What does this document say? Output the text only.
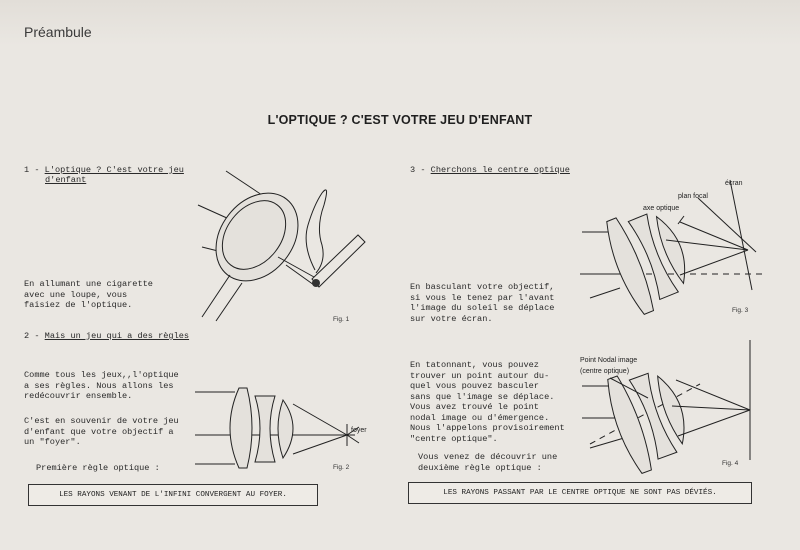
Préambule
L'OPTIQUE ? C'EST VOTRE JEU D'ENFANT
1 - L'optique ? C'est votre jeu
d'enfant
En allumant une cigarette
avec une loupe, vous
faisiez de l'optique.
Fig. 1
2 - Mais un jeu qui a des règles
Comme tous les jeux,,l'optique
a ses règles. Nous allons les
redécouvrir ensemble.
C'est en souvenir de votre jeu
d'enfant que votre objectif a
un "foyer".
Première règle optique :
foyer
Fig. 2
LES RAYONS VENANT DE L'INFINI CONVERGENT AU FOYER.
3 - Cherchons le centre optique
En basculant votre objectif,
si vous le tenez par l'avant
l'image du soleil se déplace
sur votre écran.
En tatonnant, vous pouvez
trouver un point autour du-
quel vous pouvez basculer
sans que l'image se déplace.
Vous avez trouvé le point
nodal image ou d'émergence.
Nous l'appelons provisoirement
"centre optique".
Vous venez de découvrir une
deuxième règle optique :
écran
plan focal
axe optique
Fig. 3
Point Nodal image
(centre optique)
Fig. 4
LES RAYONS PASSANT PAR LE CENTRE OPTIQUE NE SONT PAS DÉVIÉS.
